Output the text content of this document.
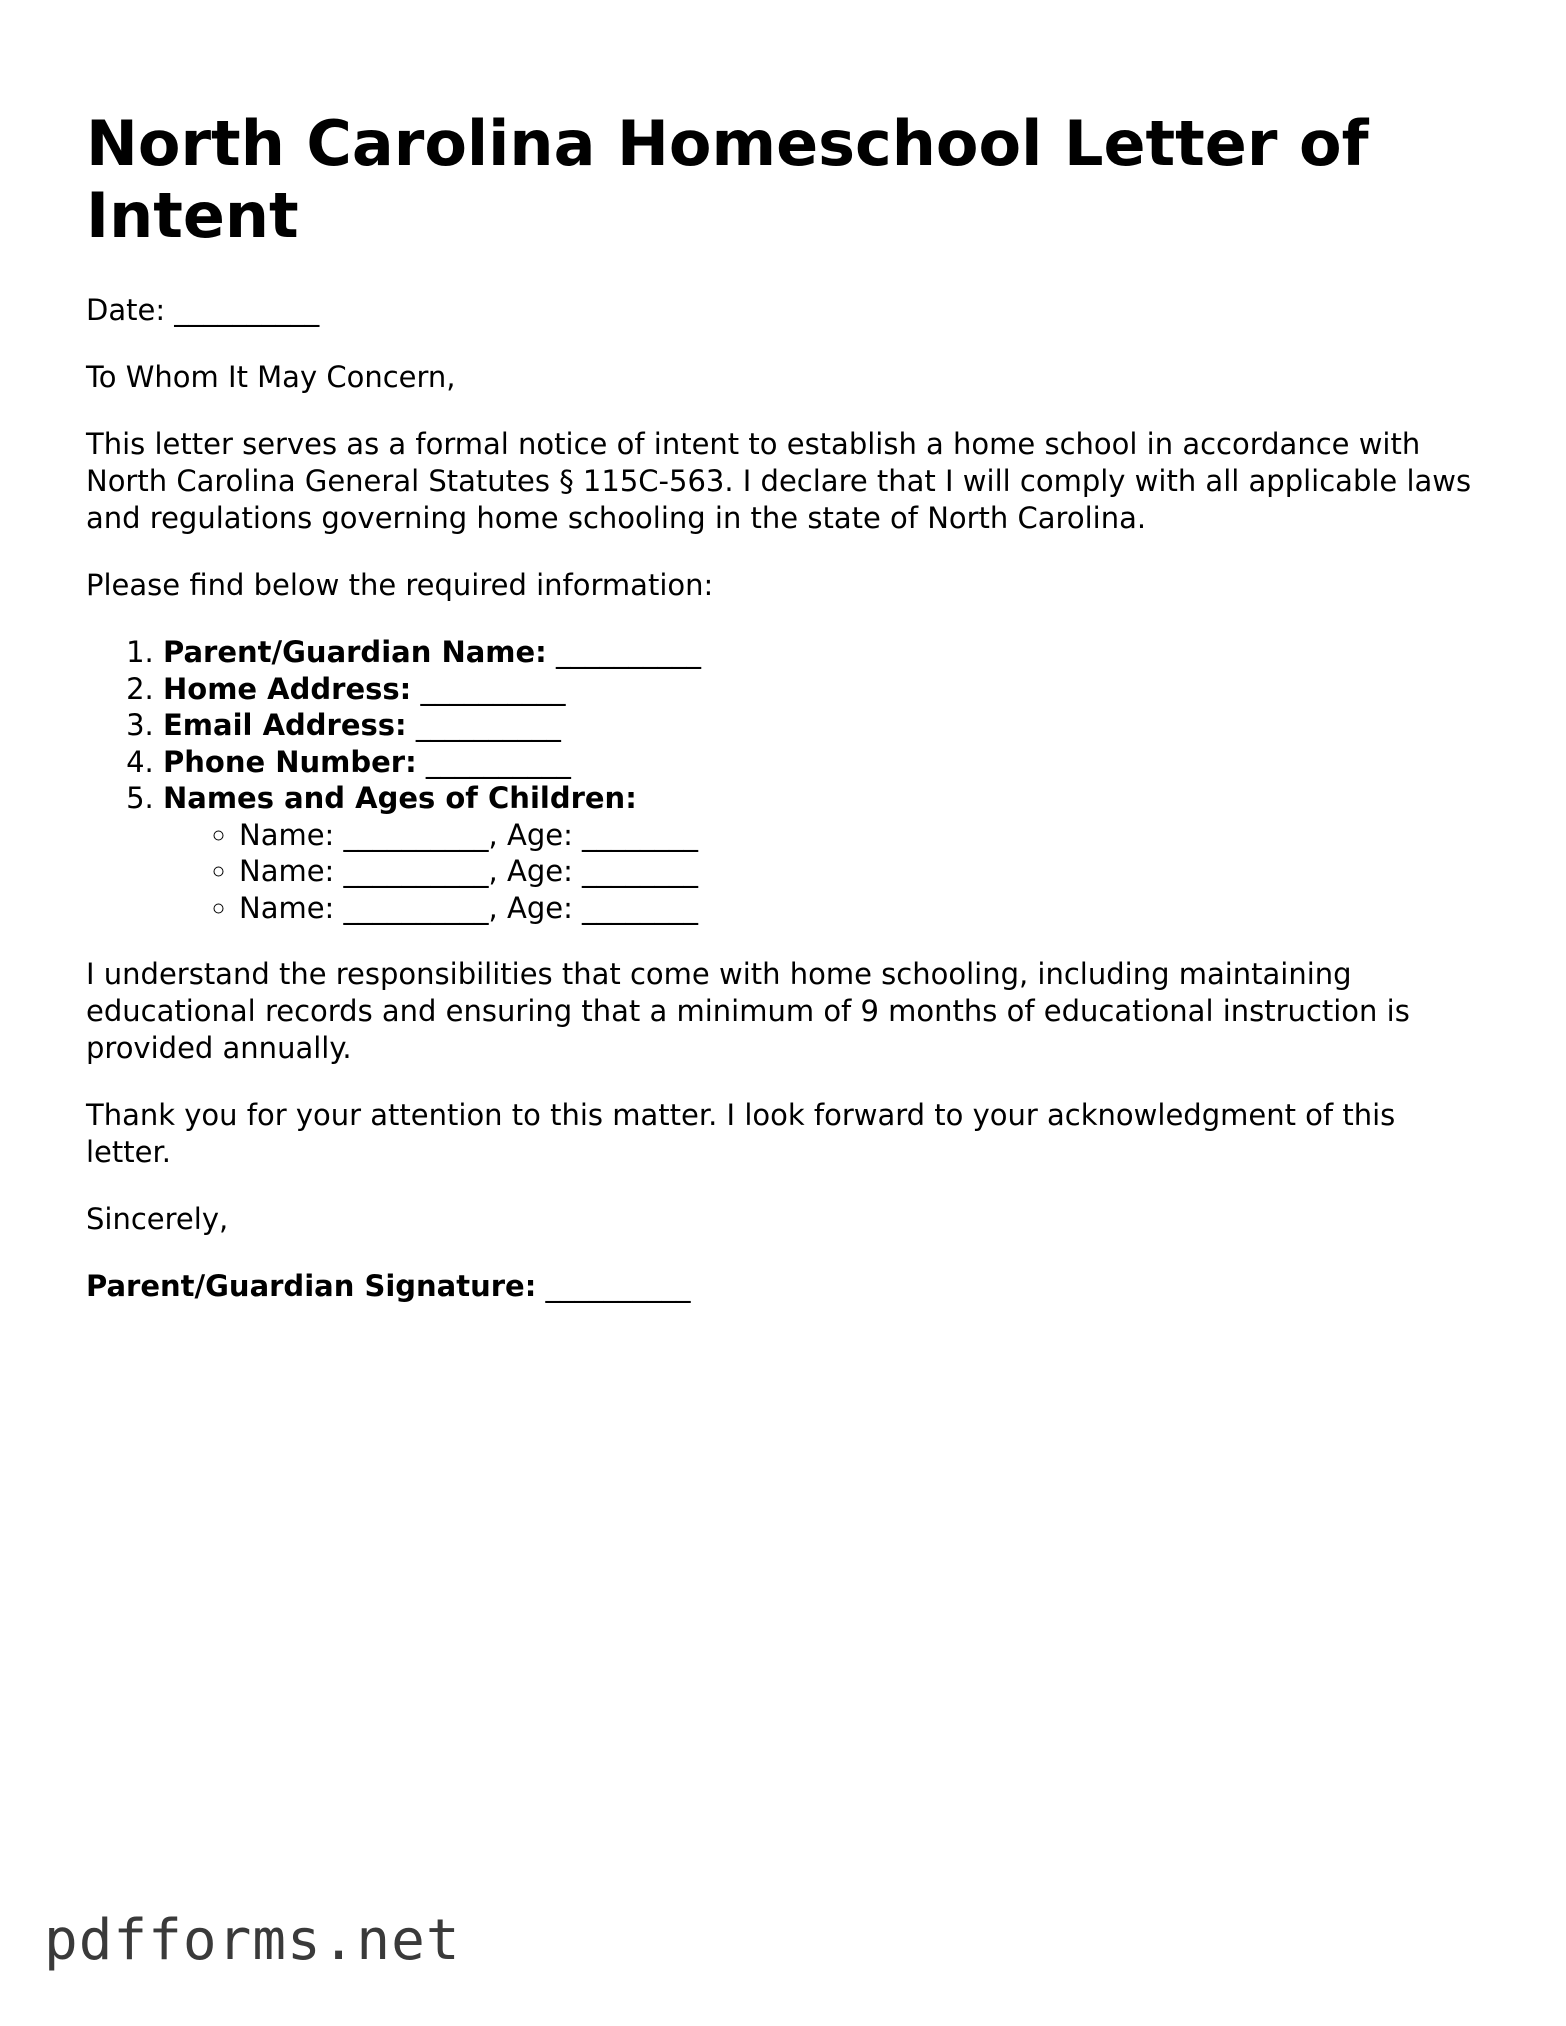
North Carolina Homeschool Letter of Intent

Date: __________

To Whom It May Concern,

This letter serves as a formal notice of intent to establish a home school in accordance with North Carolina General Statutes § 115C-563. I declare that I will comply with all applicable laws and regulations governing home schooling in the state of North Carolina.

Please find below the required information:

1. Parent/Guardian Name: __________
2. Home Address: __________
3. Email Address: __________
4. Phone Number: __________
5. Names and Ages of Children:
◦ Name: __________, Age: ________
◦ Name: __________, Age: ________
◦ Name: __________, Age: ________

I understand the responsibilities that come with home schooling, including maintaining educational records and ensuring that a minimum of 9 months of educational instruction is provided annually.

Thank you for your attention to this matter. I look forward to your acknowledgment of this letter.

Sincerely,

Parent/Guardian Signature: __________

pdfforms.net
